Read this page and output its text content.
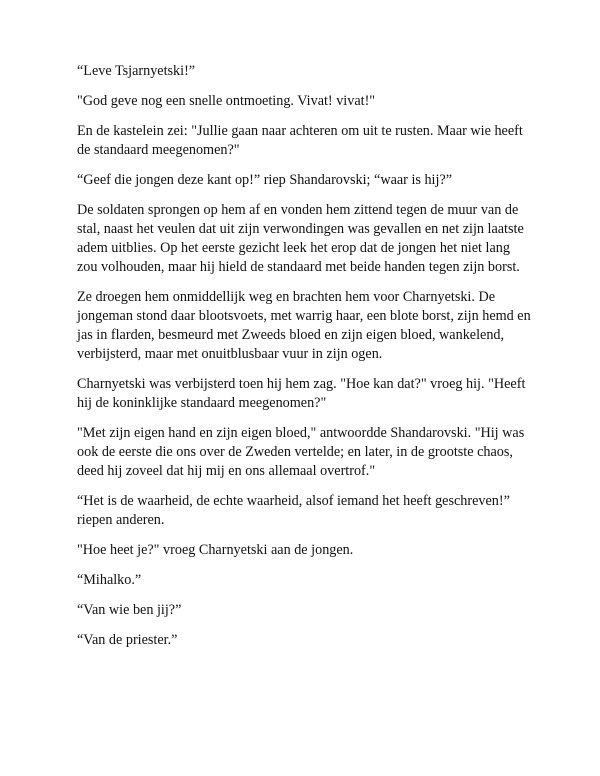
“Leve Tsjarnyetski!”

"God geve nog een snelle ontmoeting. Vivat! vivat!"

En de kastelein zei: "Jullie gaan naar achteren om uit te rusten. Maar wie heeft de standaard meegenomen?"

“Geef die jongen deze kant op!” riep Shandarovski; “waar is hij?”

De soldaten sprongen op hem af en vonden hem zittend tegen de muur van de stal, naast het veulen dat uit zijn verwondingen was gevallen en net zijn laatste adem uitblies. Op het eerste gezicht leek het erop dat de jongen het niet lang zou volhouden, maar hij hield de standaard met beide handen tegen zijn borst.

Ze droegen hem onmiddellijk weg en brachten hem voor Charnyetski. De jongeman stond daar blootsvoets, met warrig haar, een blote borst, zijn hemd en jas in flarden, besmeurd met Zweeds bloed en zijn eigen bloed, wankelend, verbijsterd, maar met onuitblusbaar vuur in zijn ogen.

Charnyetski was verbijsterd toen hij hem zag. "Hoe kan dat?" vroeg hij. "Heeft hij de koninklijke standaard meegenomen?"

"Met zijn eigen hand en zijn eigen bloed," antwoordde Shandarovski. "Hij was ook de eerste die ons over de Zweden vertelde; en later, in de grootste chaos, deed hij zoveel dat hij mij en ons allemaal overtrof."

“Het is de waarheid, de echte waarheid, alsof iemand het heeft geschreven!” riepen anderen.

"Hoe heet je?" vroeg Charnyetski aan de jongen.

“Mihalko.”

“Van wie ben jij?”

“Van de priester.”
